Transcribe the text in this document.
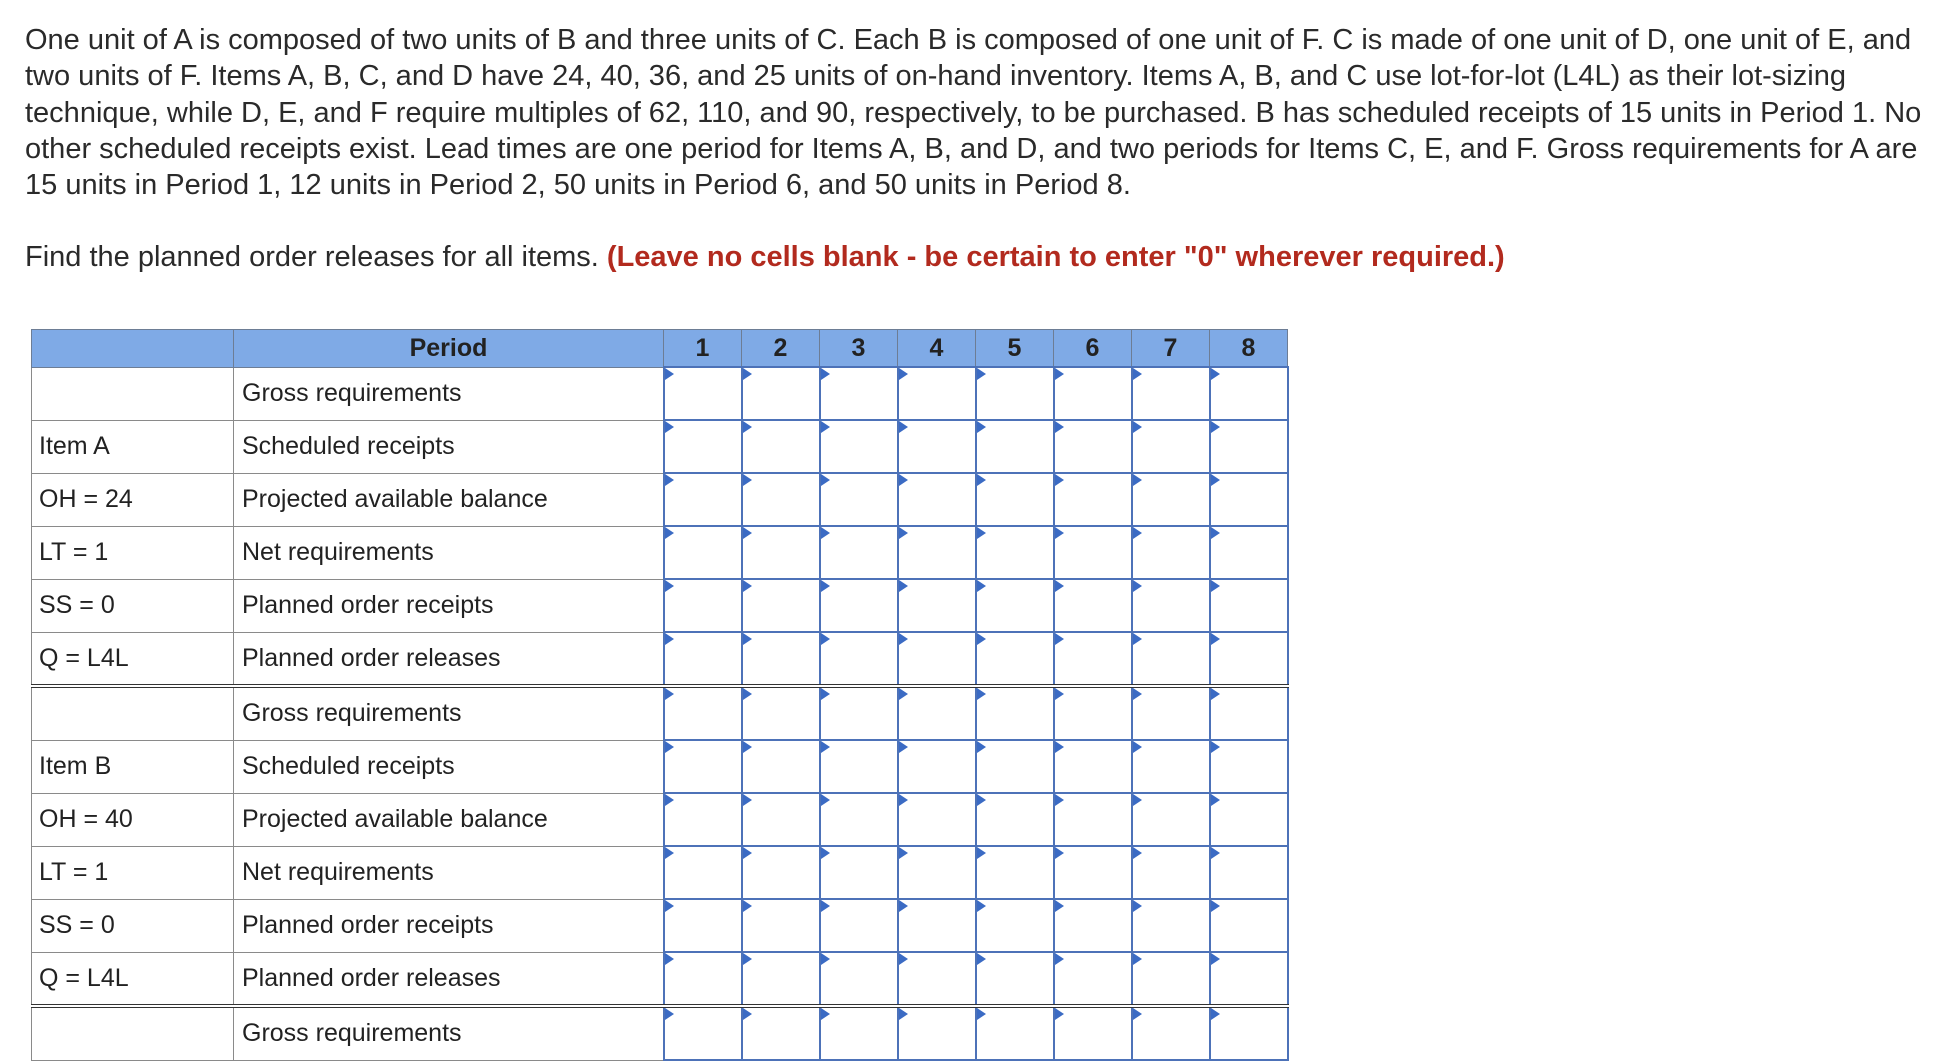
One unit of A is composed of two units of B and three units of C. Each B is composed of one unit of F. C is made of one unit of D, one unit of E, and two units of F. Items A, B, C, and D have 24, 40, 36, and 25 units of on-hand inventory. Items A, B, and C use lot-for-lot (L4L) as their lot-sizing technique, while D, E, and F require multiples of 62, 110, and 90, respectively, to be purchased. B has scheduled receipts of 15 units in Period 1. No other scheduled receipts exist. Lead times are one period for Items A, B, and D, and two periods for Items C, E, and F. Gross requirements for A are 15 units in Period 1, 12 units in Period 2, 50 units in Period 6, and 50 units in Period 8.

Find the planned order releases for all items. (Leave no cells blank - be certain to enter "0" wherever required.)

	Period	1	2	3	4	5	6	7	8
	Gross requirements								
Item A	Scheduled receipts								
OH = 24	Projected available balance								
LT = 1	Net requirements								
SS = 0	Planned order receipts								
Q = L4L	Planned order releases								
	Gross requirements								
Item B	Scheduled receipts								
OH = 40	Projected available balance								
LT = 1	Net requirements								
SS = 0	Planned order receipts								
Q = L4L	Planned order releases								
	Gross requirements								
